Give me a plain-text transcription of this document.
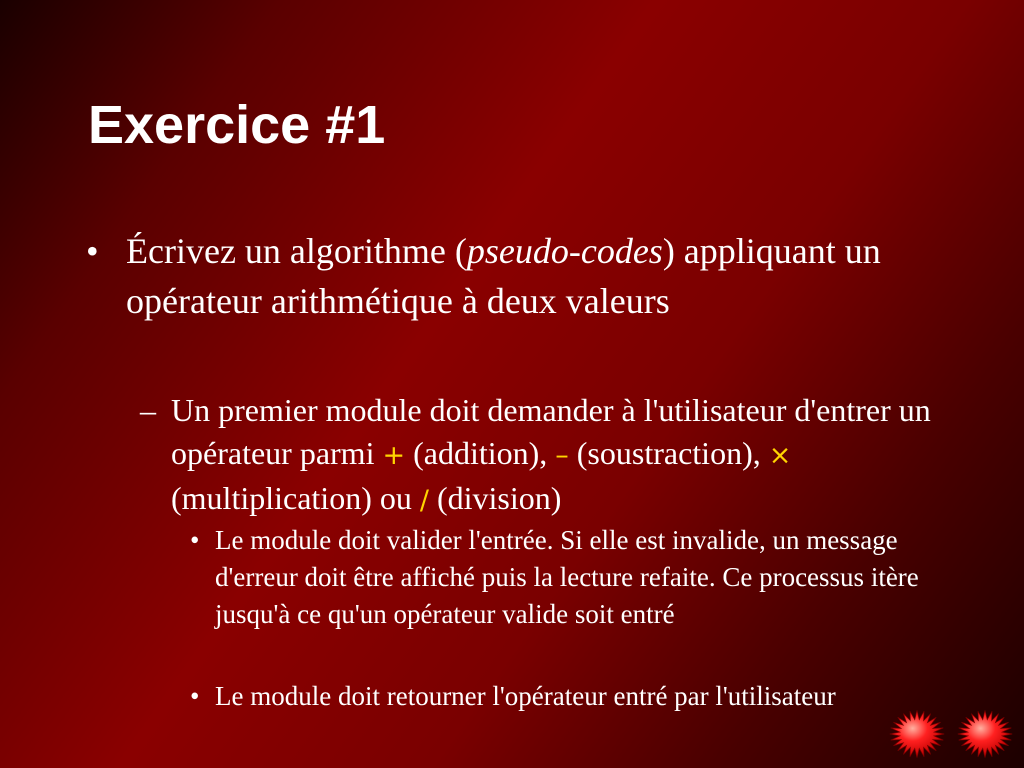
Exercice #1
• Écrivez un algorithme (pseudo-codes) appliquant un opérateur arithmétique à deux valeurs
– Un premier module doit demander à l'utilisateur d'entrer un opérateur parmi + (addition), – (soustraction), × (multiplication) ou / (division)
• Le module doit valider l'entrée. Si elle est invalide, un message d'erreur doit être affiché puis la lecture refaite. Ce processus itère jusqu'à ce qu'un opérateur valide soit entré
• Le module doit retourner l'opérateur entré par l'utilisateur
